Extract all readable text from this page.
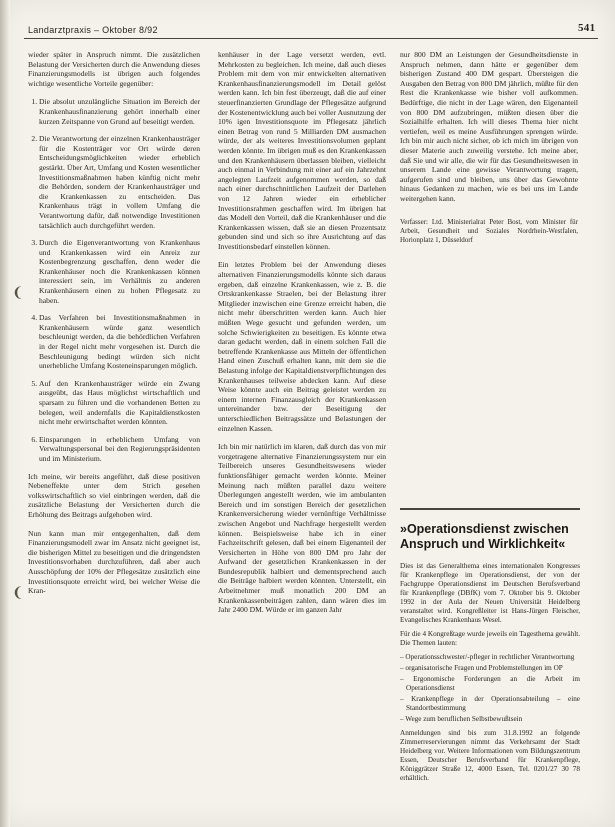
❨
❨
Landarztpraxis – Oktober 8/92	541

wieder später in Anspruch nimmt. Die zusätzlichen Belastung der Versicherten durch die Anwendung dieses Finanzierungsmodells ist übrigen auch folgendes wichtige wesentliche Vorteile gegenüber:

1. Die absolut unzulängliche Situation im Bereich der Krankenhausfinanzierung gehört innerhalb einer kurzen Zeitspanne von Grund auf beseitigt werden.
2. Die Verantwortung der einzelnen Krankenhausträger für die Kostenträger vor Ort würde deren Entscheidungsmöglichkeiten wieder erheblich gestärkt. Über Art, Umfang und Kosten wesentlicher Investitionsmaßnahmen haben künftig nicht mehr die Behörden, sondern der Krankenhausträger und die Krankenkassen zu entscheiden. Das Krankenhaus trägt in vollem Umfang die Verantwortung dafür, daß notwendige Investitionen tatsächlich auch durchgeführt werden.
3. Durch die Eigenverantwortung von Krankenhaus und Krankenkassen wird ein Anreiz zur Kostenbegrenzung geschaffen, denn weder die Krankenhäuser noch die Krankenkassen können interessiert sein, im Verhältnis zu anderen Krankenhäusern einen zu hohen Pflegesatz zu haben.
4. Das Verfahren bei Investitionsmaßnahmen in Krankenhäusern würde ganz wesentlich beschleunigt werden, da die behördlichen Verfahren in der Regel nicht mehr vorgesehen ist. Durch die Beschleunigung bedingt würden sich nicht unerhebliche Umfang Kosteneinsparungen möglich.
5. Auf den Krankenhausträger würde ein Zwang ausgeübt, das Haus möglichst wirtschaftlich und sparsam zu führen und die vorhandenen Betten zu belegen, weil andernfalls die Kapitaldienstkosten nicht mehr erwirtschaftet werden könnten.
6. Einsparungen in erheblichem Umfang von Verwaltungspersonal bei den Regierungspräsidenten und im Ministerium.

Ich meine, wir bereits angeführt, daß diese positiven Nebeneffekte unter dem Strich gesehen volkswirtschaftlich so viel einbringen werden, daß die zusätzliche Belastung der Versicherten durch die Erhöhung des Beitrags aufgehoben wird.

Nun kann man mir entgegenhalten, daß dem Finanzierungsmodell zwar im Ansatz nicht geeignet ist, die bisherigen Mittel zu beseitigen und die dringendsten Investitionsvorhaben durchzuführen, daß aber auch Ausschöpfung der 10% der Pflegesätze zusätzlich eine Investitionsquote erreicht wird, bei welcher Weise die Kran-

kenhäuser in der Lage versetzt werden, evtl. Mehrkosten zu begleichen. Ich meine, daß auch dieses Problem mit dem von mir entwickelten alternativen Krankenhausfinanzierungsmodell im Detail gelöst werden kann. Ich bin fest überzeugt, daß die auf einer steuerfinanzierten Grundlage der Pflegesätze aufgrund der Kostenentwicklung auch bei voller Ausnutzung der 10% igen Investitionsquote im Pflegesatz jährlich einen Betrag von rund 5 Milliarden DM ausmachen würde, der als weiteres Investitionsvolumen geplant werden könnte. Im übrigen muß es den Krankenkassen und den Krankenhäusern überlassen bleiben, vielleicht auch einmal in Verbindung mit einer auf ein Jahrzehnt angelegten Laufzeit aufgenommen werden, so daß nach einer durchschnittlichen Laufzeit der Darlehen von 12 Jahren wieder ein erheblicher Investitionsrahmen geschaffen wird. Im übrigen hat das Modell den Vorteil, daß die Krankenhäuser und die Krankenkassen wissen, daß sie an diesen Prozentsatz gebunden sind und sich so ihre Ausrichtung auf das Investitionsbedarf einstellen können.

Ein letztes Problem bei der Anwendung dieses alternativen Finanzierungsmodells könnte sich daraus ergeben, daß einzelne Krankenkassen, wie z. B. die Ortskrankenkasse Straelen, bei der Belastung ihrer Mitglieder inzwischen eine Grenze erreicht haben, die nicht mehr überschritten werden kann. Auch hier müßten Wege gesucht und gefunden werden, um solche Schwierigkeiten zu beseitigen. Es könnte etwa daran gedacht werden, daß in einem solchen Fall die betreffende Krankenkasse aus Mitteln der öffentlichen Hand einen Zuschuß erhalten kann, mit dem sie die Belastung infolge der Kapitaldienstverpflichtungen des Krankenhauses teilweise abdecken kann. Auf diese Weise könnte auch ein Beitrag geleistet werden zu einem internen Finanzausgleich der Krankenkassen untereinander bzw. der Beseitigung der unterschiedlichen Beitragssätze und Belastungen der einzelnen Kassen.

Ich bin mir natürlich im klaren, daß durch das von mir vorgetragene alternative Finanzierungssystem nur ein Teilbereich unseres Gesundheitswesens wieder funktionsfähiger gemacht werden könnte. Meiner Meinung nach müßten parallel dazu weitere Überlegungen angestellt werden, wie im ambulanten Bereich und im sonstigen Bereich der gesetzlichen Krankenversicherung wieder vernünftige Verhältnisse zwischen Angebot und Nachfrage hergestellt werden können. Beispielsweise habe ich in einer Fachzeitschrift gelesen, daß bei einem Eigenanteil der Versicherten in Höhe von 800 DM pro Jahr der Aufwand der gesetzlichen Krankenkassen in der Bundesrepublik halbiert und dementsprechend auch die Beiträge halbiert werden könnten. Unterstellt, ein Arbeitnehmer muß monatlich 200 DM an Krankenkassenbeiträgen zahlen, dann wären dies im Jahr 2400 DM. Würde er im ganzen Jahr

nur 800 DM an Leistungen der Gesundheitsdienste in Anspruch nehmen, dann hätte er gegenüber dem bisherigen Zustand 400 DM gespart. Übersteigen die Ausgaben den Betrag von 800 DM jährlich, müßte für den Rest die Krankenkasse wie bisher voll aufkommen. Bedürftige, die nicht in der Lage wären, den Eigenanteil von 800 DM aufzubringen, müßten diesen über die Sozialhilfe erhalten. Ich will dieses Thema hier nicht vertiefen, weil es meine Ausführungen sprengen würde. Ich bin mir auch nicht sicher, ob ich mich im übrigen von dieser Materie auch zuweilig verstehe. Ich meine aber, daß Sie und wir alle, die wir für das Gesundheitswesen in unserem Lande eine gewisse Verantwortung tragen, aufgerufen sind und bleiben, uns über das Gewohnte hinaus Gedanken zu machen, wie es bei uns im Lande weitergehen kann.

Verfasser: Ltd. Ministerialrat Peter Bost, vom Minister für Arbeit, Gesundheit und Soziales Nordrhein-Westfalen, Horionplatz 1, Düsseldorf
»Operationsdienst zwischen Anspruch und Wirklichkeit«

Dies ist das Generalthema eines internationalen Kongresses für Krankenpflege im Operationsdienst, der von der Fachgruppe Operationsdienst im Deutschen Berufsverband für Krankenpflege (DBfK) vom 7. Oktober bis 9. Oktober 1992 in der Aula der Neuen Universität Heidelberg veranstaltet wird. Kongreßleiter ist Hans-Jürgen Fleischer, Evangelisches Krankenhaus Wesel.

Für die 4 Kongreßtage wurde jeweils ein Tagesthema gewählt. Die Themen lauten:

– Operationsschwester/-pfleger in rechtlicher Verantwortung
– organisatorische Fragen und Problemstellungen im OP
– Ergonomische Forderungen an die Arbeit im Operationsdienst
– Krankenpflege in der Operationsabteilung – eine Standortbestimmung
– Wege zum beruflichen Selbstbewußtsein

Anmeldungen sind bis zum 31.8.1992 an folgende Zimmerreservierungen nimmt das Verkehrsamt der Stadt Heidelberg vor. Weitere Informationen vom Bildungszentrum Essen, Deutscher Berufsverband für Krankenpflege, Königgrätzer Straße 12, 4000 Essen, Tel. 0201/27 30 78 erhältlich.
